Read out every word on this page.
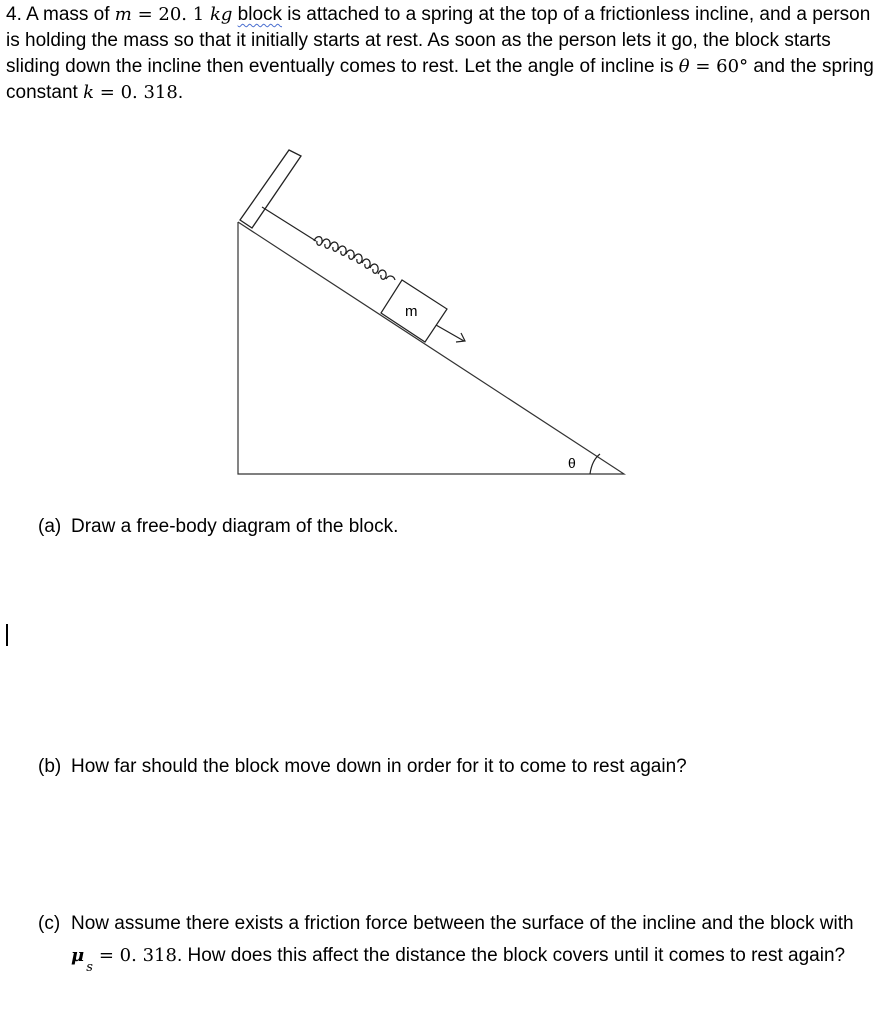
4. A mass of m = 20. 1 kg block is attached to a spring at the top of a frictionless incline, and a person is holding the mass so that it initially starts at rest. As soon as the person lets it go, the block starts sliding down the incline then eventually comes to rest. Let the angle of incline is θ = 60° and the spring constant k = 0. 318.
m
θ
(a) Draw a free-body diagram of the block.
(b) How far should the block move down in order for it to come to rest again?
(c) Now assume there exists a friction force between the surface of the incline and the block with $\mu_s= 0$. 318. How does this affect the distance the block covers until it comes to rest again?
